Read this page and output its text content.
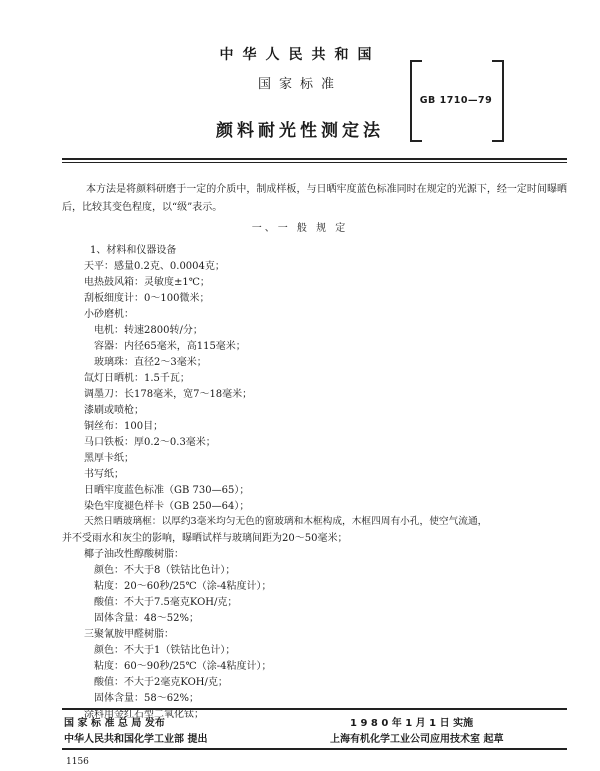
中华人民共和国
国家标准
颜料耐光性测定法
GB 1710—79
本方法是将颜料研磨于一定的介质中，制成样板，与日晒牢度蓝色标准同时在规定的光源下，经一定时间曝晒后，比较其变色程度，以“级”表示。
一、一 般 规 定
1、材料和仪器设备
天平：感量0.2克、0.0004克；
电热鼓风箱：灵敏度±1℃；
刮板细度计：0～100微米；
小砂磨机：
电机：转速2800转/分；
容器：内径65毫米，高115毫米；
玻璃珠：直径2～3毫米；
氙灯日晒机：1.5千瓦；
调墨刀：长178毫米，宽7～18毫米；
漆刷或喷枪；
铜丝布：100目；
马口铁板：厚0.2～0.3毫米；
黑厚卡纸；
书写纸；
日晒牢度蓝色标准（GB 730—65）；
染色牢度褪色样卡（GB 250—64）；
天然日晒玻璃框：以厚约3毫米均匀无色的窗玻璃和木框构成，木框四周有小孔，使空气流通，
并不受雨水和灰尘的影响，曝晒试样与玻璃间距为20～50毫米；
椰子油改性醇酸树脂：
颜色：不大于8（铁钴比色计）；
粘度：20～60秒/25℃（涂-4粘度计）；
酸值：不大于7.5毫克KOH/克；
固体含量：48～52%；
三聚氰胺甲醛树脂：
颜色：不大于1（铁钴比色计）；
粘度：60～90秒/25℃（涂-4粘度计）；
酸值：不大于2毫克KOH/克；
固体含量：58～62%；
涂料用金红石型二氧化钛；
国 家 标 准 总 局 发布	1 9 8 0 年 1 月 1 日 实施
中华人民共和国化学工业部 提出	上海有机化学工业公司应用技术室 起草
1156
